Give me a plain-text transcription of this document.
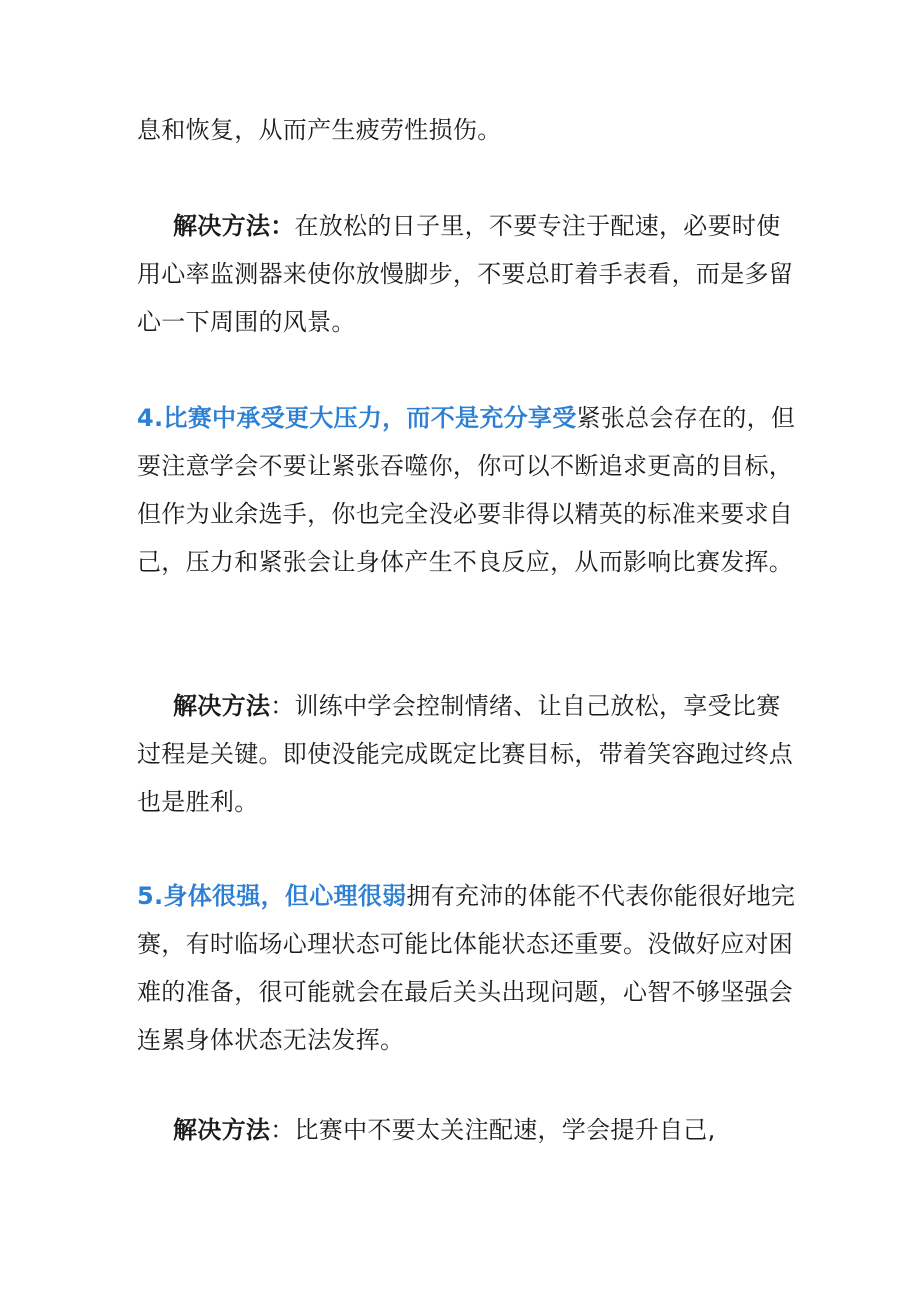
息和恢复，从而产生疲劳性损伤。

解决方法：在放松的日子里，不要专注于配速，必要时使用心率监测器来使你放慢脚步，不要总盯着手表看，而是多留心一下周围的风景。

4.比赛中承受更大压力，而不是充分享受紧张总会存在的，但要注意学会不要让紧张吞噬你，你可以不断追求更高的目标，但作为业余选手，你也完全没必要非得以精英的标准来要求自己，压力和紧张会让身体产生不良反应，从而影响比赛发挥。

解决方法：训练中学会控制情绪、让自己放松，享受比赛过程是关键。即使没能完成既定比赛目标，带着笑容跑过终点也是胜利。

5.身体很强，但心理很弱拥有充沛的体能不代表你能很好地完赛，有时临场心理状态可能比体能状态还重要。没做好应对困难的准备，很可能就会在最后关头出现问题，心智不够坚强会连累身体状态无法发挥。

解决方法：比赛中不要太关注配速，学会提升自己,
